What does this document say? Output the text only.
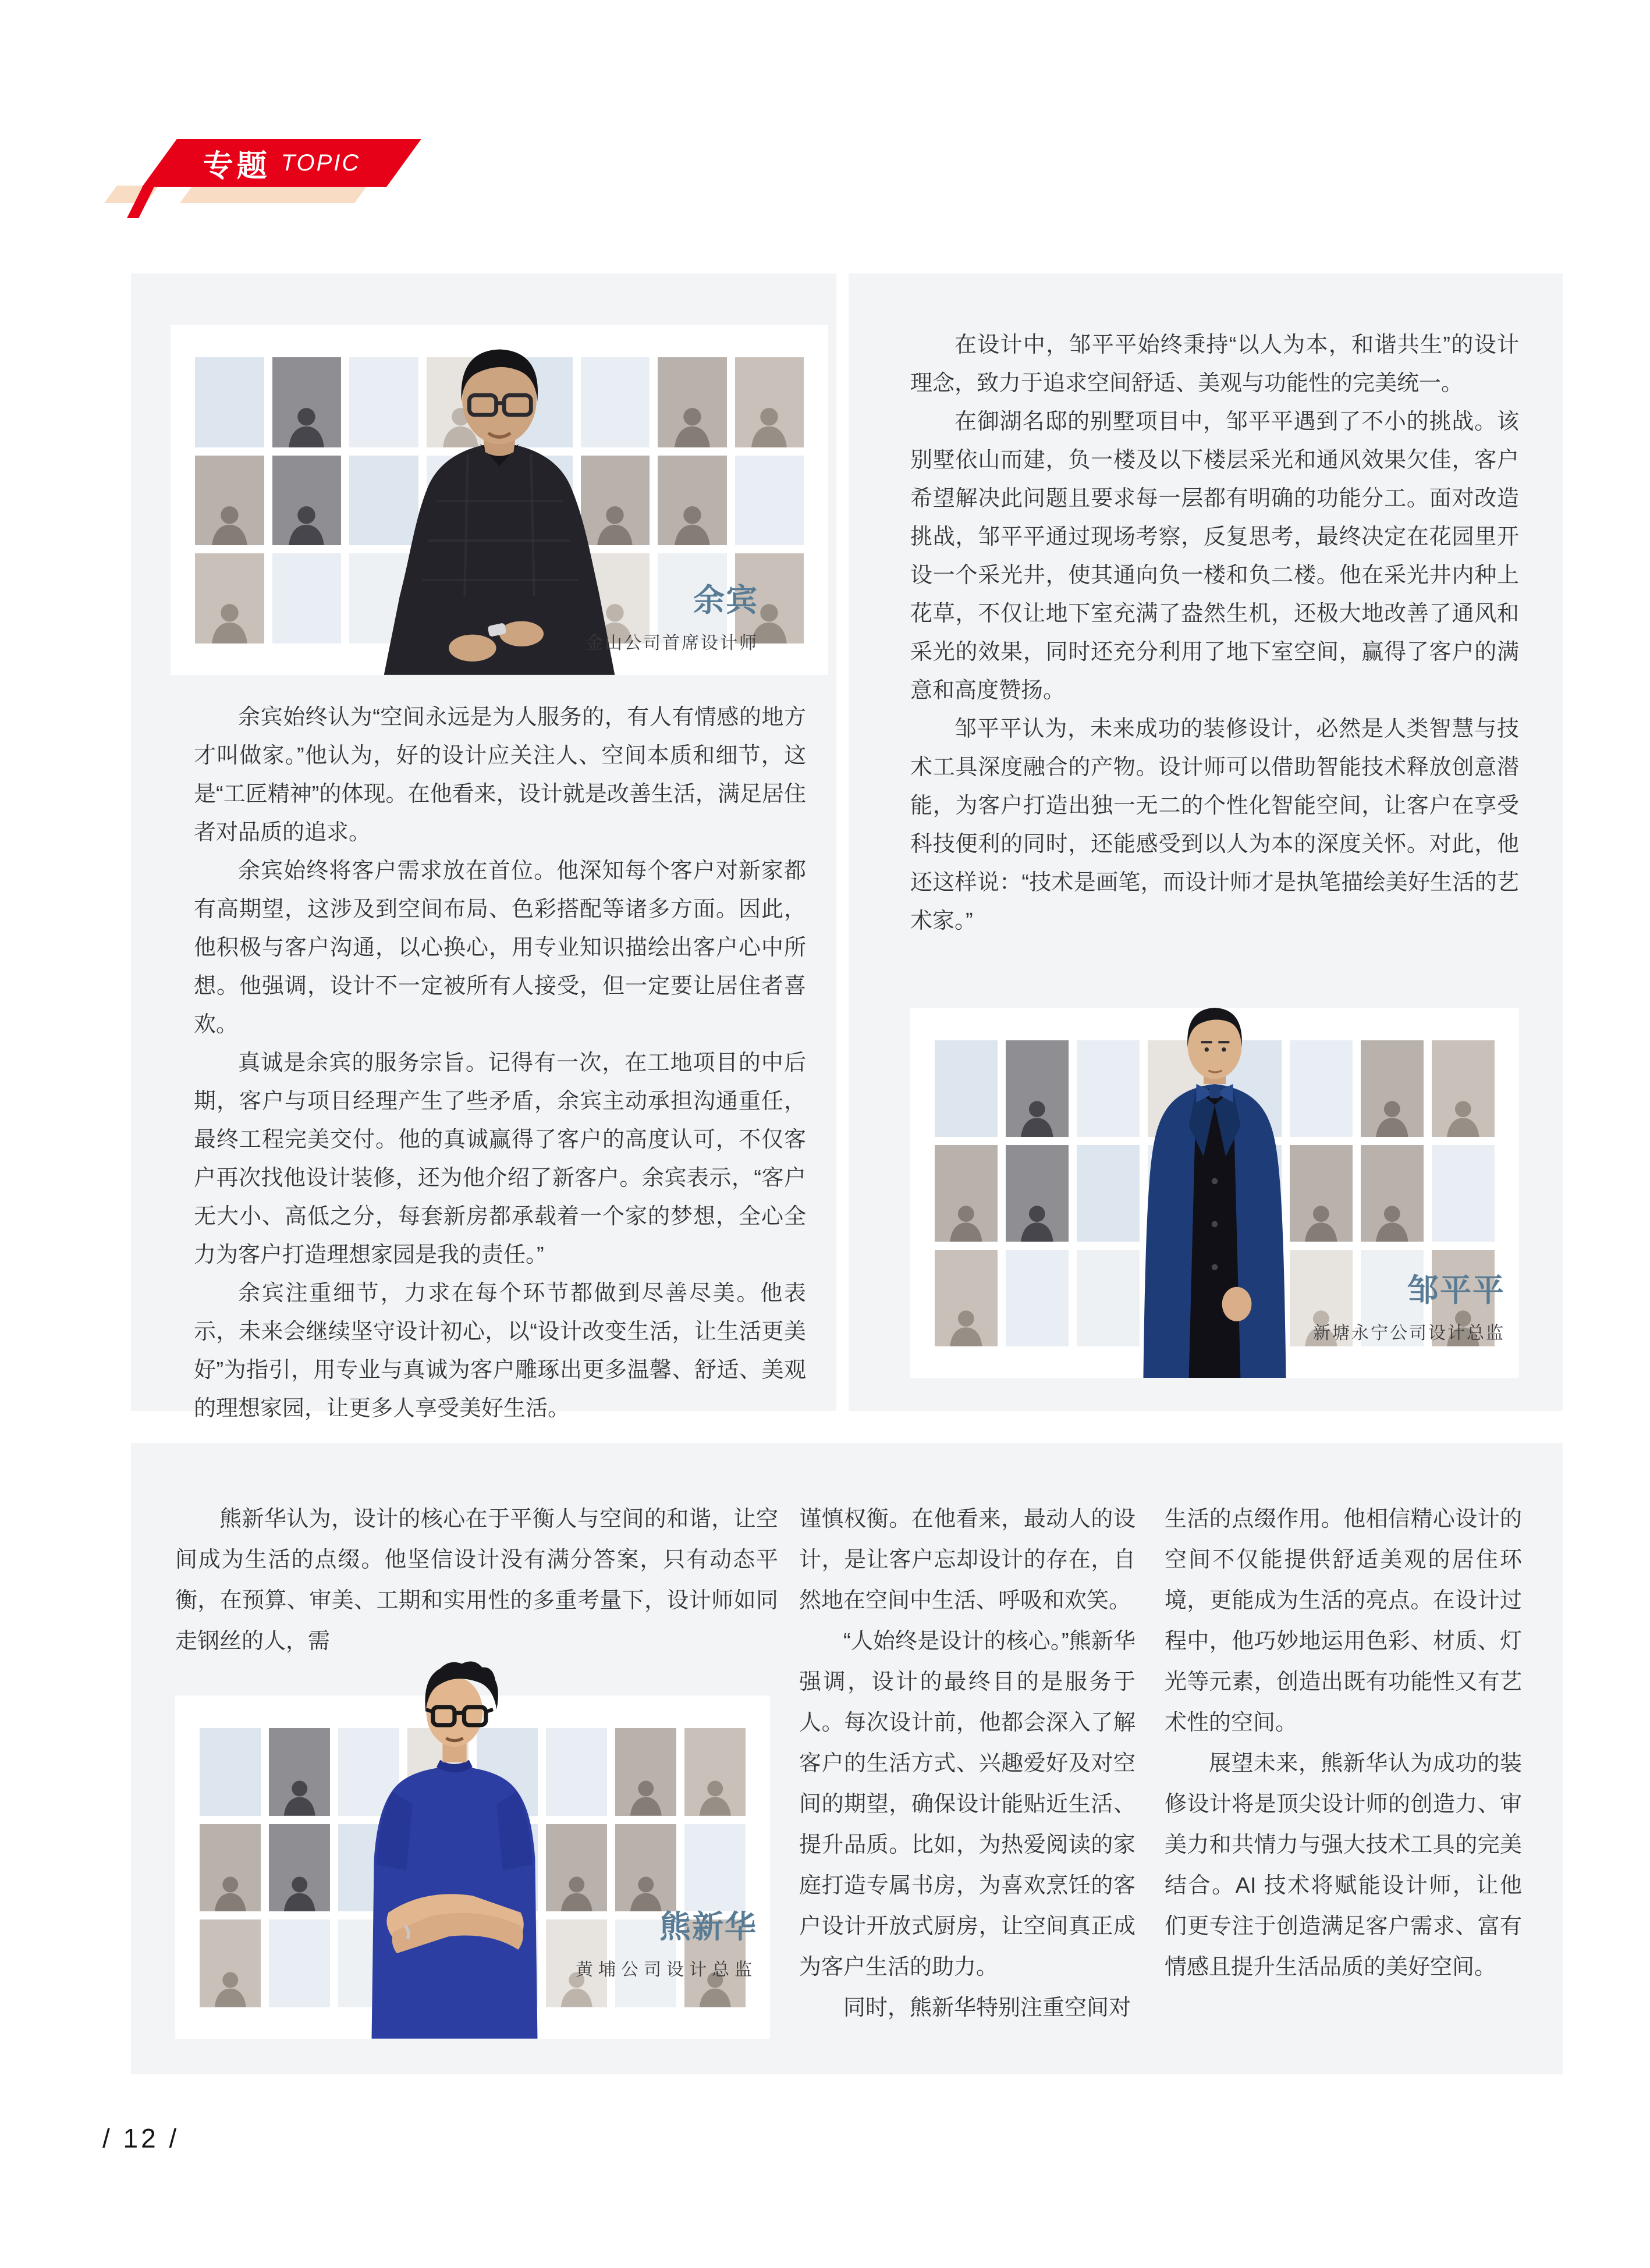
专题 TOPIC
余宾
金山公司首席设计师

余宾始终认为“空间永远是为人服务的，有人有情感的地方才叫做家。”他认为，好的设计应关注人、空间本质和细节，这是“工匠精神”的体现。在他看来，设计就是改善生活，满足居住者对品质的追求。

余宾始终将客户需求放在首位。他深知每个客户对新家都有高期望，这涉及到空间布局、色彩搭配等诸多方面。因此，他积极与客户沟通，以心换心，用专业知识描绘出客户心中所想。他强调，设计不一定被所有人接受，但一定要让居住者喜欢。

真诚是余宾的服务宗旨。记得有一次，在工地项目的中后期，客户与项目经理产生了些矛盾，余宾主动承担沟通重任，最终工程完美交付。他的真诚赢得了客户的高度认可，不仅客户再次找他设计装修，还为他介绍了新客户。余宾表示，“客户无大小、高低之分，每套新房都承载着一个家的梦想，全心全力为客户打造理想家园是我的责任。”

余宾注重细节，力求在每个环节都做到尽善尽美。他表示，未来会继续坚守设计初心，以“设计改变生活，让生活更美好”为指引，用专业与真诚为客户雕琢出更多温馨、舒适、美观的理想家园，让更多人享受美好生活。

在设计中，邹平平始终秉持“以人为本，和谐共生”的设计理念，致力于追求空间舒适、美观与功能性的完美统一。

在御湖名邸的别墅项目中，邹平平遇到了不小的挑战。该别墅依山而建，负一楼及以下楼层采光和通风效果欠佳，客户希望解决此问题且要求每一层都有明确的功能分工。面对改造挑战，邹平平通过现场考察，反复思考，最终决定在花园里开设一个采光井，使其通向负一楼和负二楼。他在采光井内种上花草，不仅让地下室充满了盎然生机，还极大地改善了通风和采光的效果，同时还充分利用了地下室空间，赢得了客户的满意和高度赞扬。

邹平平认为，未来成功的装修设计，必然是人类智慧与技术工具深度融合的产物。设计师可以借助智能技术释放创意潜能，为客户打造出独一无二的个性化智能空间，让客户在享受科技便利的同时，还能感受到以人为本的深度关怀。对此，他还这样说：“技术是画笔，而设计师才是执笔描绘美好生活的艺术家。”

邹平平
新塘永宁公司设计总监

熊新华认为，设计的核心在于平衡人与空间的和谐，让空间成为生活的点缀。他坚信设计没有满分答案，只有动态平衡，在预算、审美、工期和实用性的多重考量下，设计师如同走钢丝的人，需

熊新华
黄埔公司设计总监

谨慎权衡。在他看来，最动人的设计，是让客户忘却设计的存在，自然地在空间中生活、呼吸和欢笑。

“人始终是设计的核心。”熊新华强调，设计的最终目的是服务于人。每次设计前，他都会深入了解客户的生活方式、兴趣爱好及对空间的期望，确保设计能贴近生活、提升品质。比如，为热爱阅读的家庭打造专属书房，为喜欢烹饪的客户设计开放式厨房，让空间真正成为客户生活的助力。

同时，熊新华特别注重空间对

生活的点缀作用。他相信精心设计的空间不仅能提供舒适美观的居住环境，更能成为生活的亮点。在设计过程中，他巧妙地运用色彩、材质、灯光等元素，创造出既有功能性又有艺术性的空间。

展望未来，熊新华认为成功的装修设计将是顶尖设计师的创造力、审美力和共情力与强大技术工具的完美结合。AI 技术将赋能设计师，让他们更专注于创造满足客户需求、富有情感且提升生活品质的美好空间。

/ 12 /
